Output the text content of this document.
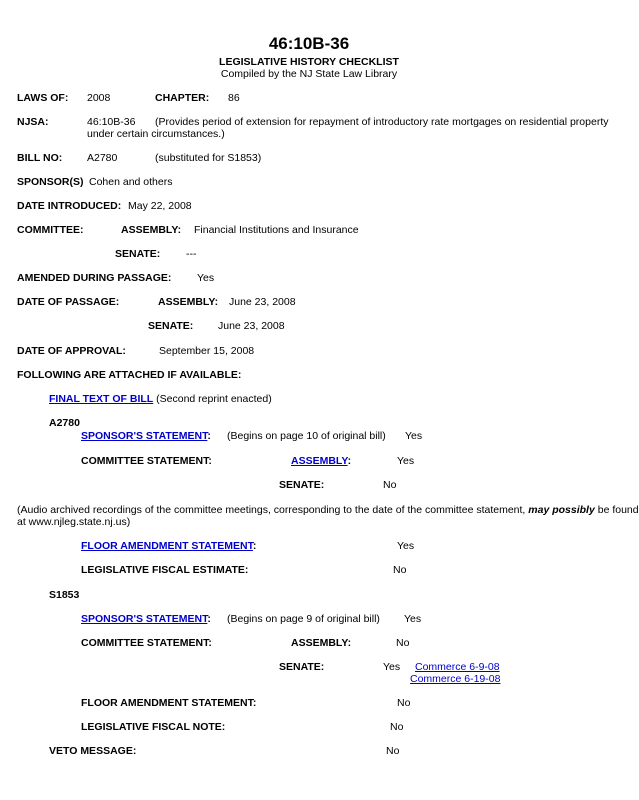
46:10B-36
LEGISLATIVE HISTORY CHECKLIST
Compiled by the NJ State Law Library
LAWS OF: 2008	CHAPTER: 86
NJSA:	46:10B-36 (Provides period of extension for repayment of introductory rate mortgages on residential property
under certain circumstances.)
BILL NO: A2780	(substituted for S1853)
SPONSOR(S) Cohen and others
DATE INTRODUCED: May 22, 2008
COMMITTEE:	ASSEMBLY: Financial Institutions and Insurance
SENATE: ---
AMENDED DURING PASSAGE: Yes
DATE OF PASSAGE:	ASSEMBLY: June 23, 2008
SENATE: June 23, 2008
DATE OF APPROVAL:	September 15, 2008
FOLLOWING ARE ATTACHED IF AVAILABLE:
FINAL TEXT OF BILL (Second reprint enacted)
A2780
SPONSOR'S STATEMENT: (Begins on page 10 of original bill) Yes
COMMITTEE STATEMENT:	ASSEMBLY:	Yes
SENATE:	No
(Audio archived recordings of the committee meetings, corresponding to the date of the committee statement, may possibly be found
at www.njleg.state.nj.us)
FLOOR AMENDMENT STATEMENT:	Yes
LEGISLATIVE FISCAL ESTIMATE:	No
S1853
SPONSOR'S STATEMENT: (Begins on page 9 of original bill) Yes
COMMITTEE STATEMENT:	ASSEMBLY:	No
SENATE:	Yes Commerce 6-9-08
Commerce 6-19-08
FLOOR AMENDMENT STATEMENT:	No
LEGISLATIVE FISCAL NOTE:	No
VETO MESSAGE:	No
